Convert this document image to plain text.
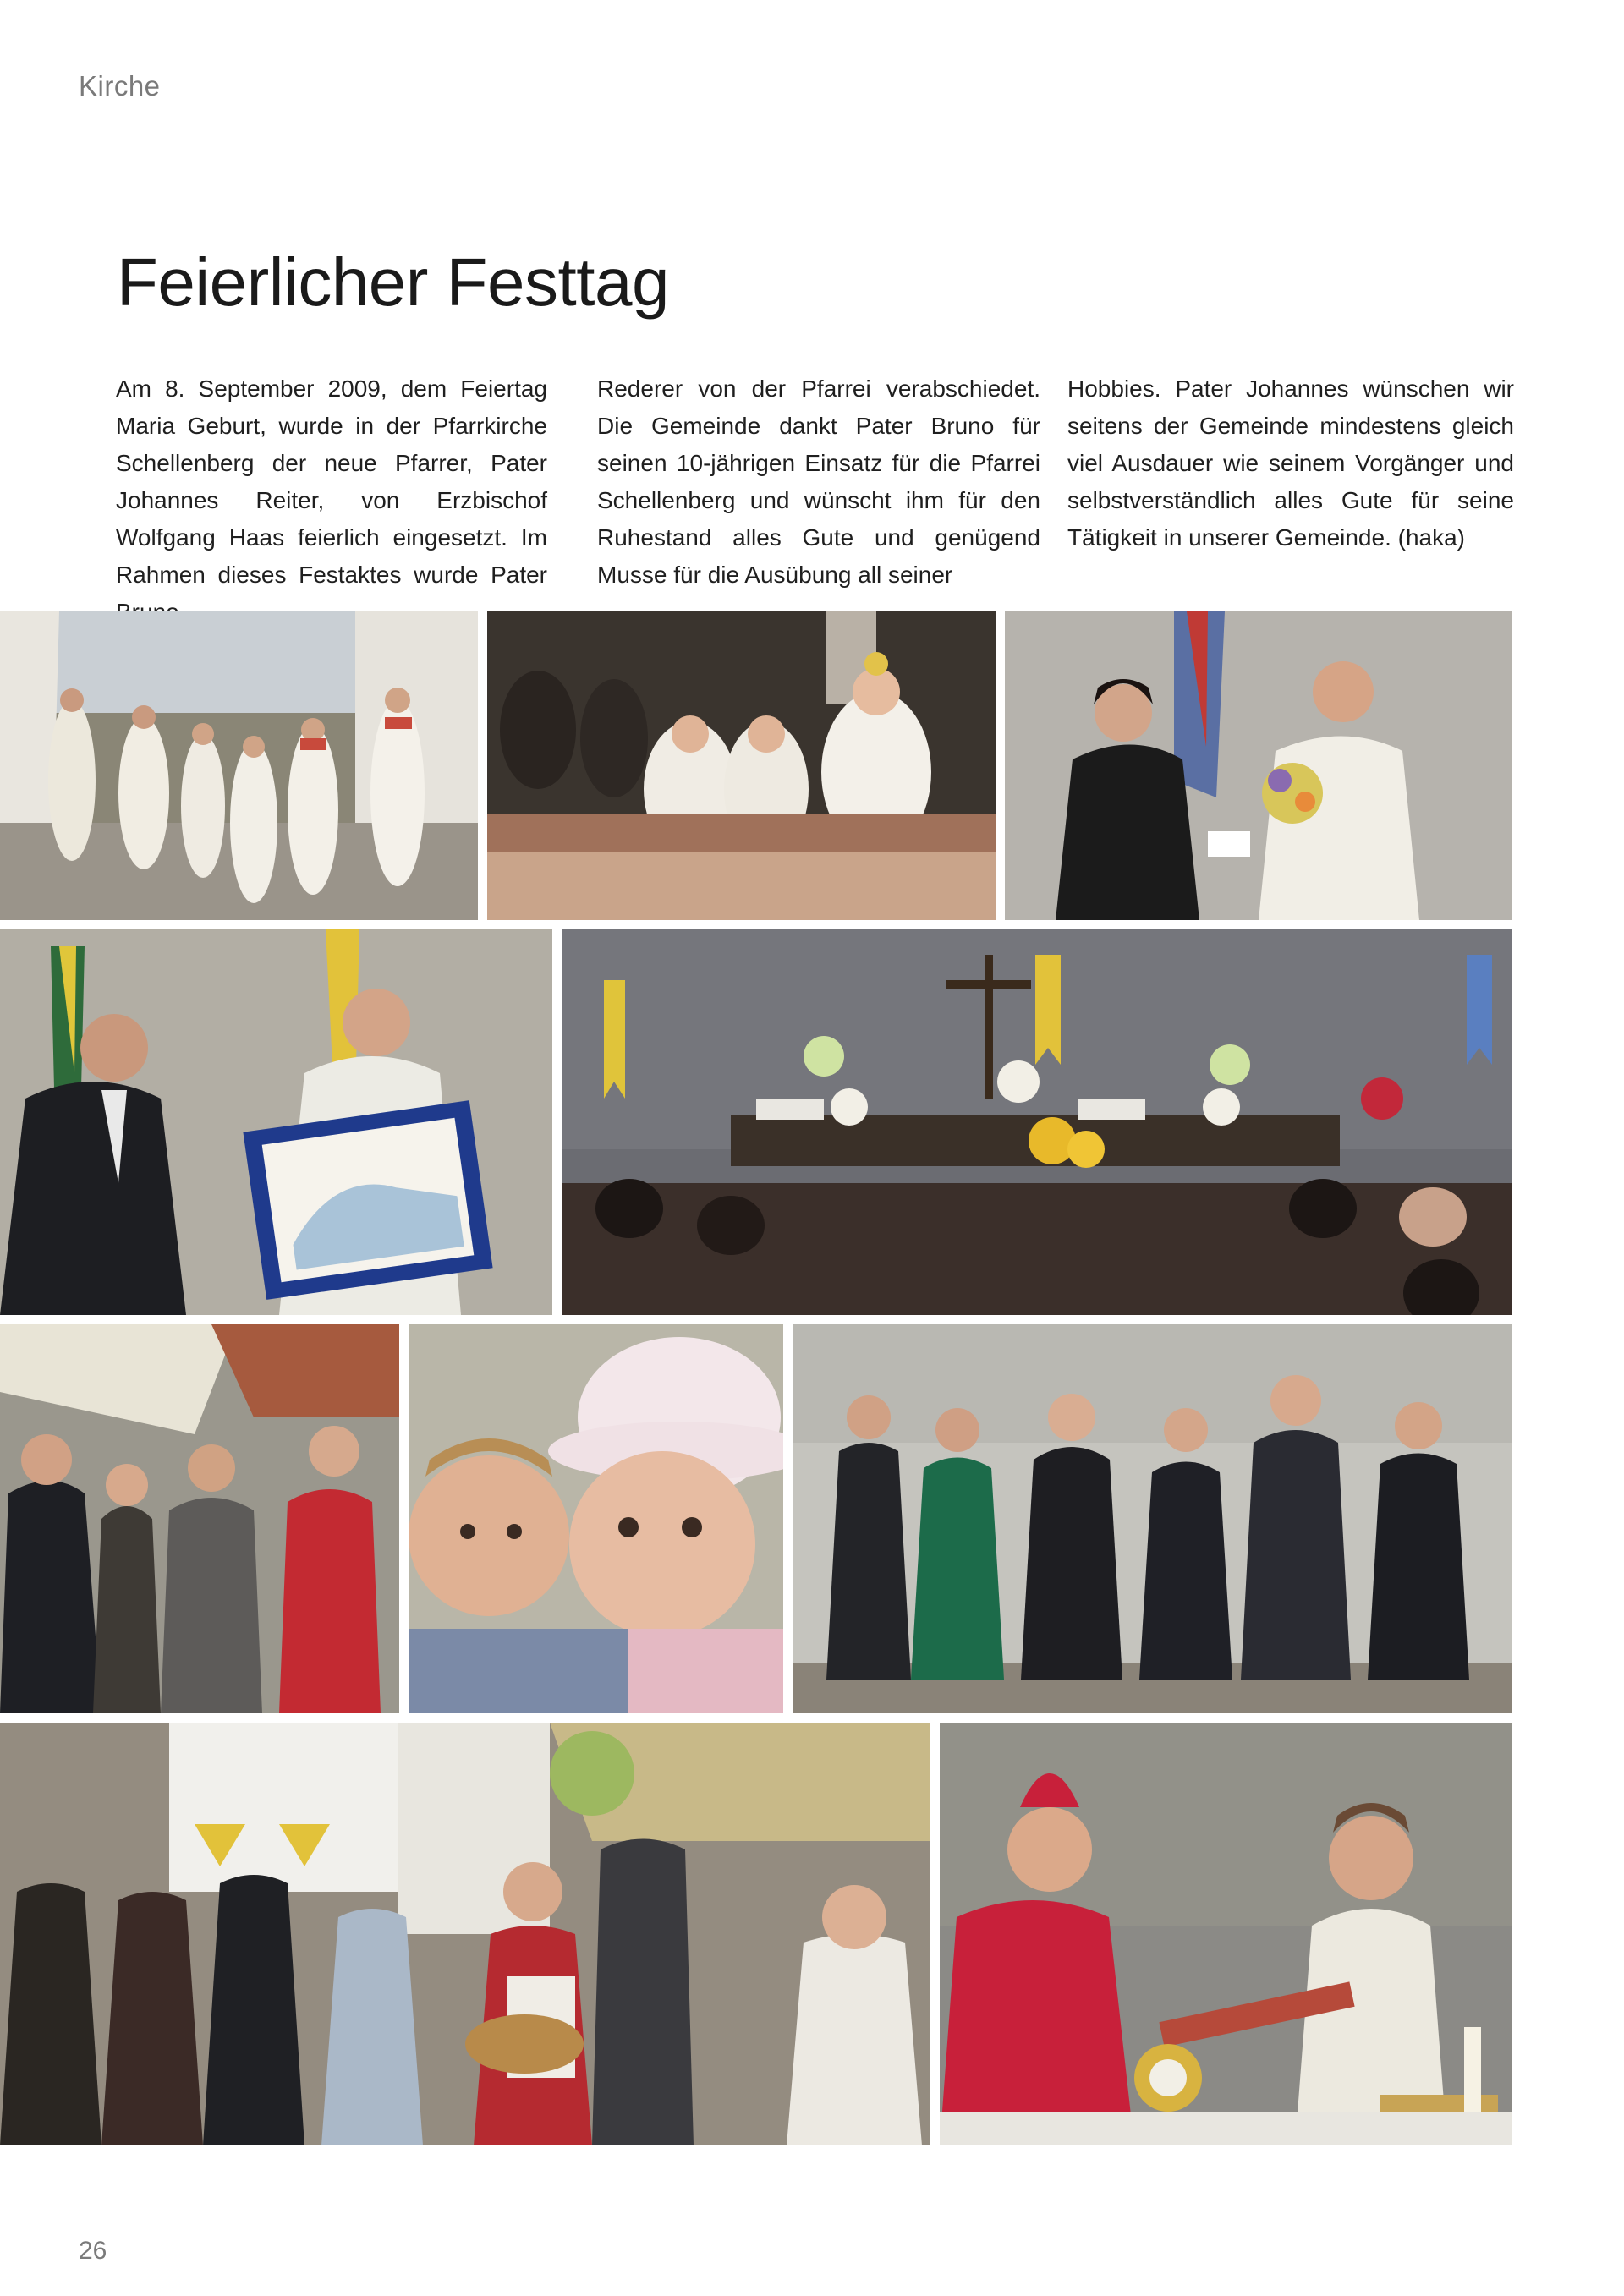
Kirche
Feierlicher Festtag
Am 8. September 2009, dem Feiertag Maria Geburt, wurde in der Pfarrkirche Schellenberg der neue Pfarrer, Pater Johannes Reiter, von Erzbischof Wolfgang Haas feierlich eingesetzt. Im Rahmen dieses Festaktes wurde Pater
Rederer von der Pfarrei verabschiedet. Die Gemeinde dankt Pater Bruno für seinen 10-jährigen Einsatz für die Pfarrei Schellenberg und wünscht ihm für den Ruhestand alles Gute und genügend Musse für die Ausübung all seiner
Hobbies. Pater Johannes wünschen wir seitens der Gemeinde mindestens gleich viel Ausdauer wie seinem Vorgänger und selbstverständlich alles Gute für seine Tätigkeit in unserer Gemeinde. (haka)
26
